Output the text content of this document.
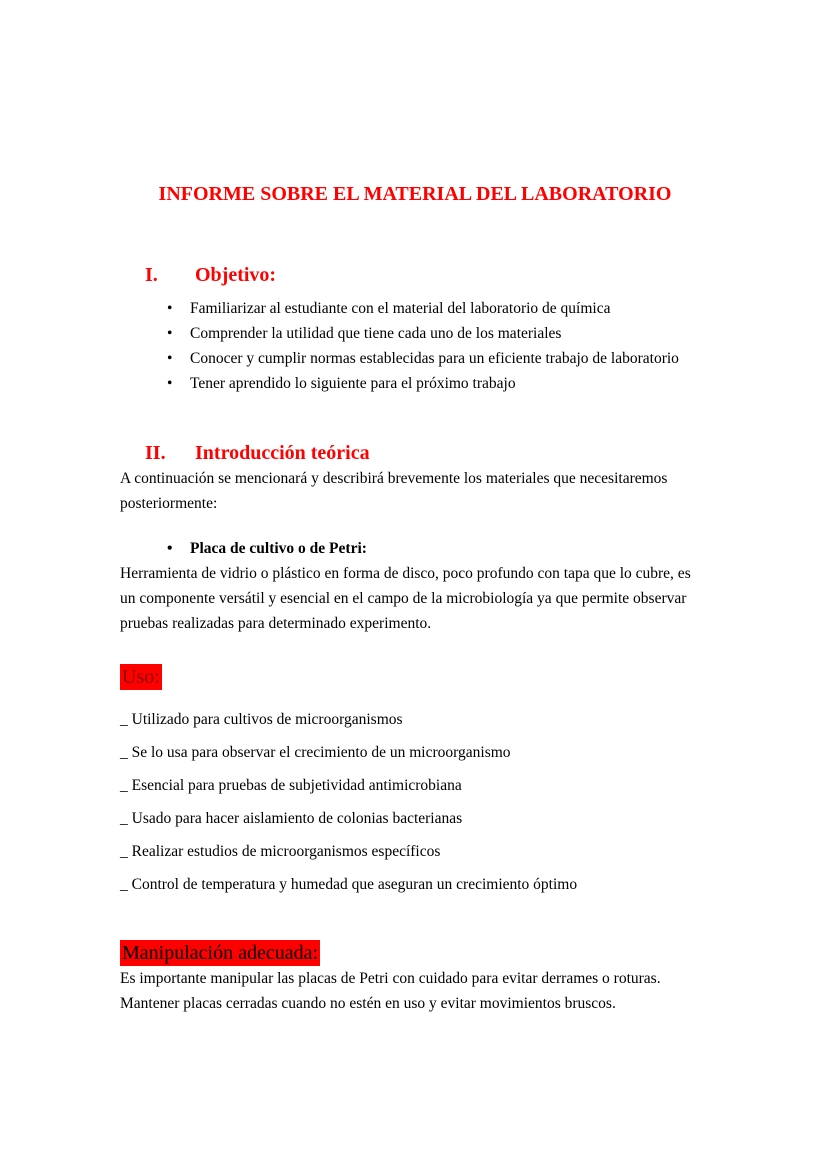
INFORME SOBRE EL MATERIAL DEL LABORATORIO
I.	Objetivo:
• Familiarizar al estudiante con el material del laboratorio de química
• Comprender la utilidad que tiene cada uno de los materiales
• Conocer y cumplir normas establecidas para un eficiente trabajo de laboratorio
• Tener aprendido lo siguiente para el próximo trabajo
II.	Introducción teórica

A continuación se mencionará y describirá brevemente los materiales que necesitaremos posteriormente:

• Placa de cultivo o de Petri:

Herramienta de vidrio o plástico en forma de disco, poco profundo con tapa que lo cubre, es un componente versátil y esencial en el campo de la microbiología ya que permite observar pruebas realizadas para determinado experimento.

Uso:

_ Utilizado para cultivos de microorganismos

_ Se lo usa para observar el crecimiento de un microorganismo

_ Esencial para pruebas de subjetividad antimicrobiana

_ Usado para hacer aislamiento de colonias bacterianas

_ Realizar estudios de microorganismos específicos

_ Control de temperatura y humedad que aseguran un crecimiento óptimo

Manipulación adecuada:

Es importante manipular las placas de Petri con cuidado para evitar derrames o roturas. Mantener placas cerradas cuando no estén en uso y evitar movimientos bruscos.
